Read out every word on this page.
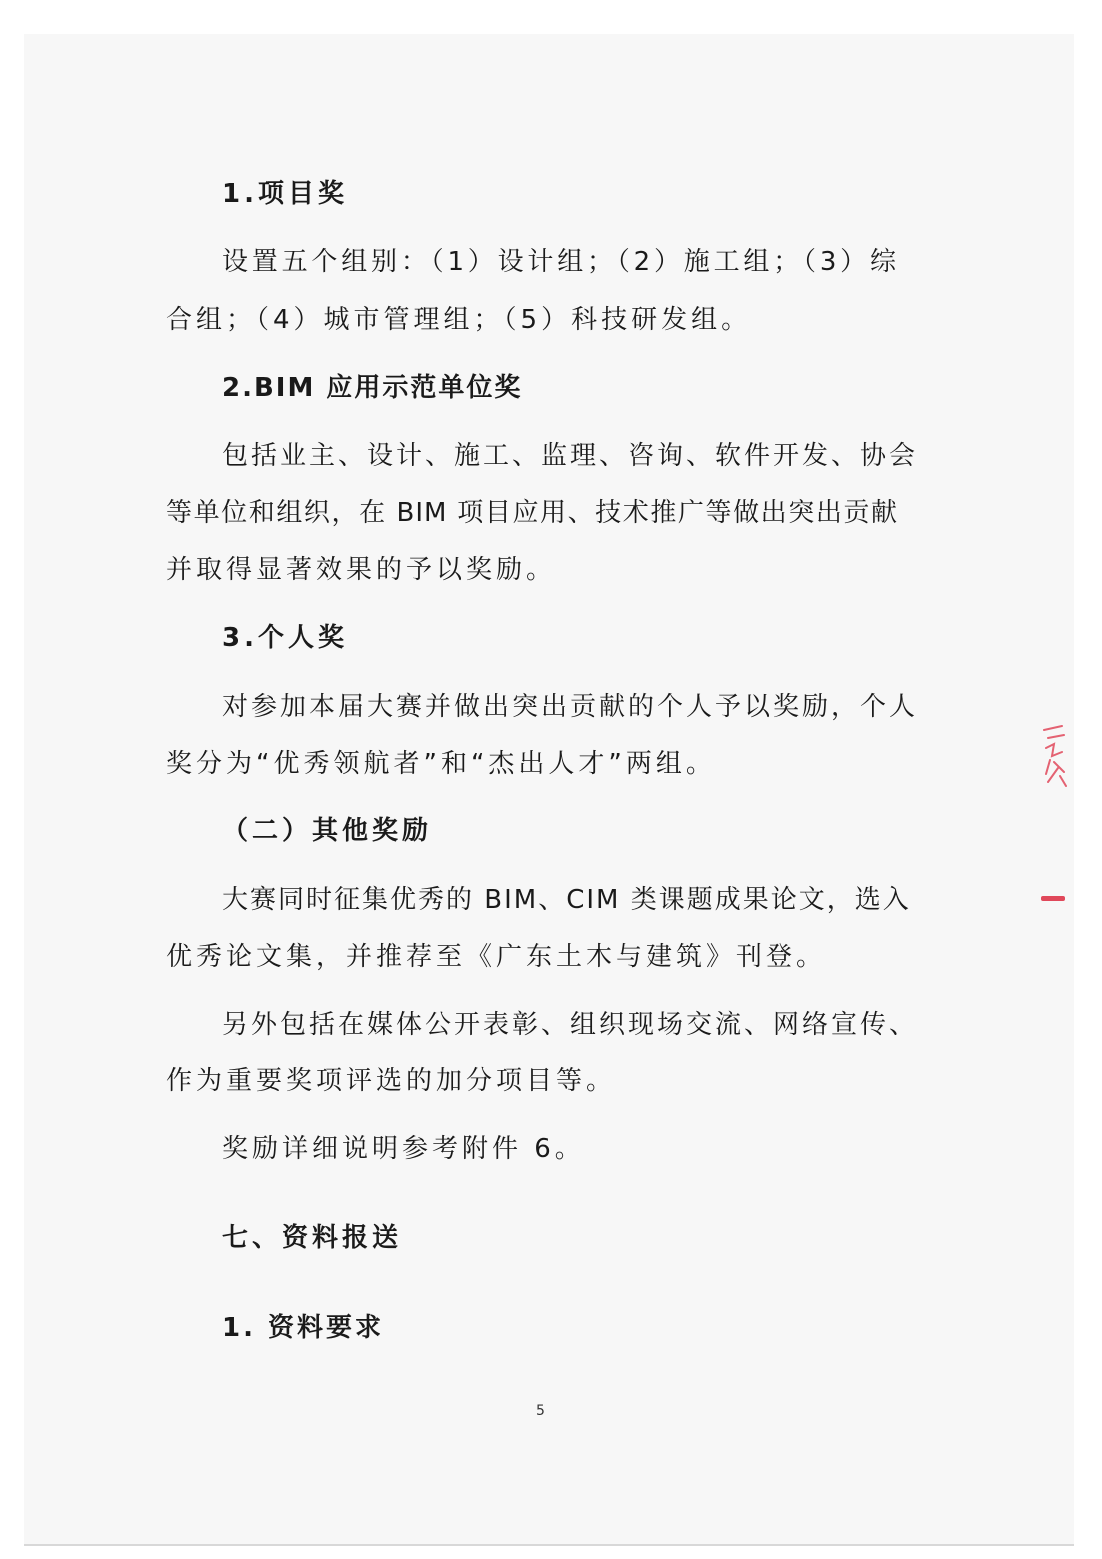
1.项目奖
设置五个组别：（1）设计组；（2）施工组；（3）综
合组；（4）城市管理组；（5）科技研发组。
2.BIM 应用示范单位奖
包括业主、设计、施工、监理、咨询、软件开发、协会
等单位和组织，在 BIM 项目应用、技术推广等做出突出贡献
并取得显著效果的予以奖励。
3.个人奖
对参加本届大赛并做出突出贡献的个人予以奖励，个人
奖分为“优秀领航者”和“杰出人才”两组。
（二）其他奖励
大赛同时征集优秀的 BIM、CIM 类课题成果论文，选入
优秀论文集，并推荐至《广东土木与建筑》刊登。
另外包括在媒体公开表彰、组织现场交流、网络宣传、
作为重要奖项评选的加分项目等。
奖励详细说明参考附件 6。
七、资料报送
1. 资料要求
5
